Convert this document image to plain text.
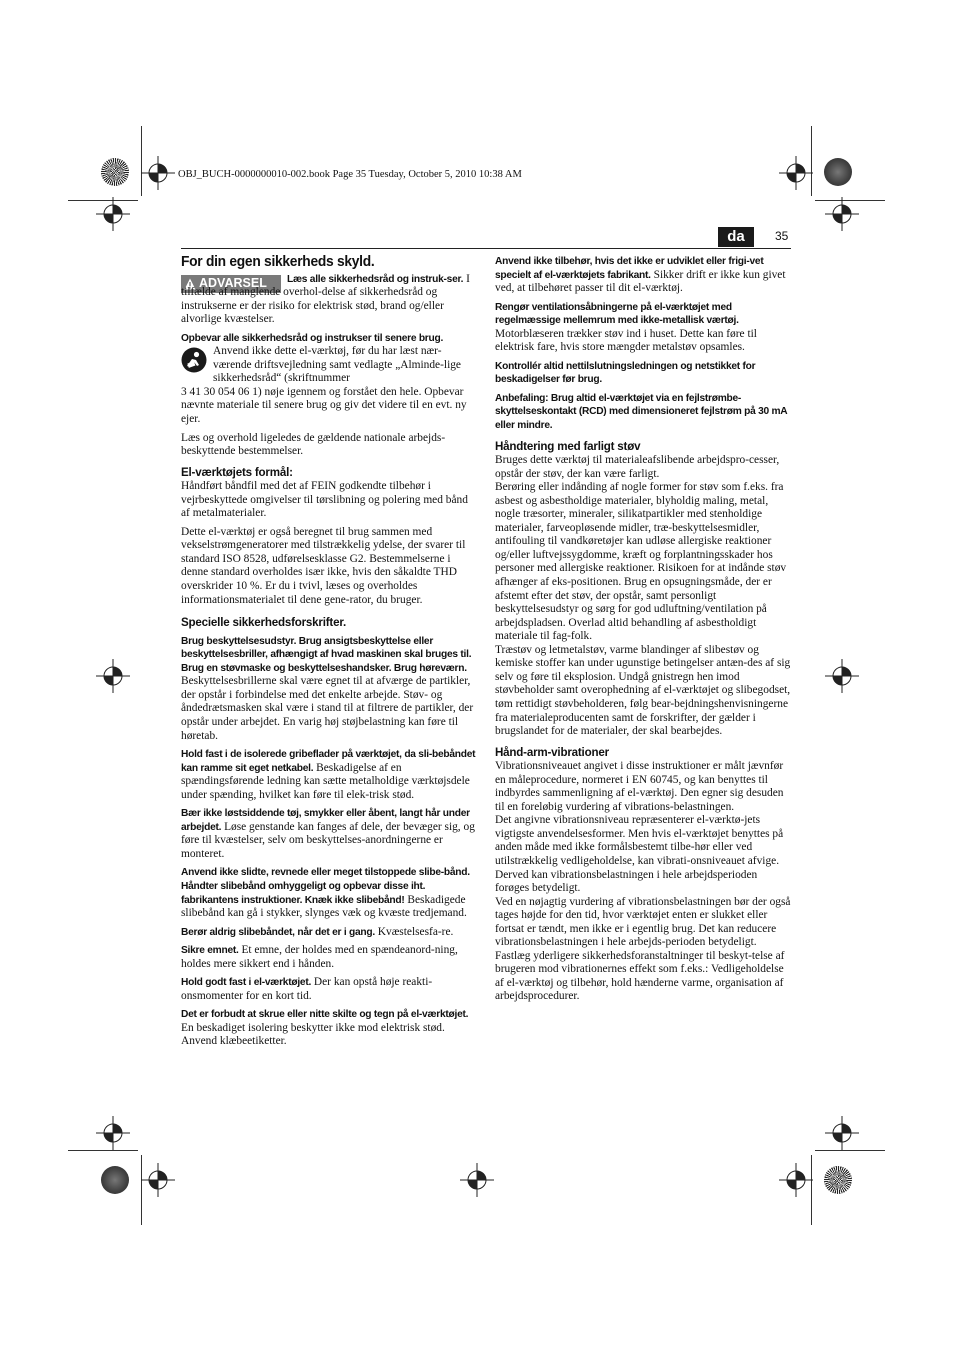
OBJ_BUCH-0000000010-002.book Page 35 Tuesday, October 5, 2010 10:38 AM
da	35
For din egen sikkerheds skyld.
ADVARSEL	Læs alle sikkerhedsråd og instruk-ser. I tilfælde af manglende overhol-delse af sikkerhedsråd og instrukserne er der risiko for elektrisk stød, brand og/eller alvorlige kvæstelser.

Opbevar alle sikkerhedsråd og instrukser til senere brug.

Anvend ikke dette el-værktøj, før du har læst nær-værende driftsvejledning samt vedlagte „Alminde-lige sikkerhedsråd“ (skriftnummer

3 41 30 054 06 1) nøje igennem og forstået den hele. Opbevar nævnte materiale til senere brug og giv det videre til en evt. ny ejer.

Læs og overhold ligeledes de gældende nationale arbejds-beskyttende bestemmelser.

El-værktøjets formål:

Håndført båndfil med det af FEIN godkendte tilbehør i vejrbeskyttede omgivelser til tørslibning og polering med bånd af metalmaterialer.

Dette el-værktøj er også beregnet til brug sammen med vekselstrømgeneratorer med tilstrækkelig ydelse, der svarer til standard ISO 8528, udførelsesklasse G2. Bestemmelserne i denne standard overholdes især ikke, hvis den såkaldte THD overskrider 10 %. Er du i tvivl, læses og overholdes informationsmaterialet til dene gene-rator, du bruger.

Specielle sikkerhedsforskrifter.

Brug beskyttelsesudstyr. Brug ansigtsbeskyttelse eller beskyttelsesbriller, afhængigt af hvad maskinen skal bruges til. Brug en støvmaske og beskyttelseshandsker. Brug høreværn. Beskyttelsesbrillerne skal være egnet til at afværge de partikler, der opstår i forbindelse med det enkelte arbejde. Støv- og åndedrætsmasken skal være i stand til at filtrere de partikler, der opstår under arbejdet. En varig høj støjbelastning kan føre til høretab.

Hold fast i de isolerede gribeflader på værktøjet, da sli-bebåndet kan ramme sit eget netkabel. Beskadigelse af en spændingsførende ledning kan sætte metalholdige værktøjsdele under spænding, hvilket kan føre til elek-trisk stød.

Bær ikke løstsiddende tøj, smykker eller åbent, langt hår under arbejdet. Løse genstande kan fanges af dele, der bevæger sig, og føre til kvæstelser, selv om beskyttelses-anordningerne er monteret.

Anvend ikke slidte, revnede eller meget tilstoppede slibe-bånd. Håndter slibebånd omhyggeligt og opbevar disse iht. fabrikantens instruktioner. Knæk ikke slibebånd! Beskadigede slibebånd kan gå i stykker, slynges væk og kvæste tredjemand.

Berør aldrig slibebåndet, når det er i gang. Kvæstelsesfa-re.

Sikre emnet. Et emne, der holdes med en spændeanord-ning, holdes mere sikkert end i hånden.

Hold godt fast i el-værktøjet. Der kan opstå høje reakti-onsmomenter for en kort tid.

Det er forbudt at skrue eller nitte skilte og tegn på el-værktøjet. En beskadiget isolering beskytter ikke mod elektrisk stød. Anvend klæbeetiketter.

Anvend ikke tilbehør, hvis det ikke er udviklet eller frigi-vet specielt af el-værktøjets fabrikant. Sikker drift er ikke kun givet ved, at tilbehøret passer til dit el-værktøj.

Rengør ventilationsåbningerne på el-værktøjet med regelmæssige mellemrum med ikke-metallisk værtøj. Motorblæseren trækker støv ind i huset. Dette kan føre til elektrisk fare, hvis store mængder metalstøv opsamles.

Kontrollér altid nettilslutningsledningen og netstikket for beskadigelser før brug.

Anbefaling: Brug altid el-værktøjet via en fejlstrømbe-skyttelseskontakt (RCD) med dimensioneret fejlstrøm på 30 mA eller mindre.

Håndtering med farligt støv

Bruges dette værktøj til materialeafslibende arbejdspro-cesser, opstår der støv, der kan være farligt.

Berøring eller indånding af nogle former for støv som f.eks. fra asbest og asbestholdige materialer, blyholdig maling, metal, nogle træsorter, mineraler, silikatpartikler med stenholdige materialer, farveopløsende midler, træ-beskyttelsesmidler, antifouling til vandkøretøjer kan udløse allergiske reaktioner og/eller luftvejssygdomme, kræft og forplantningsskader hos personer med allergiske reaktioner. Risikoen for at indånde støv afhænger af eks-positionen. Brug en opsugningsmåde, der er afstemt efter det støv, der opstår, samt personligt beskyttelsesudstyr og sørg for god udluftning/ventilation på arbejdspladsen. Overlad altid behandling af asbestholdigt materiale til fag-folk.

Træstøv og letmetalstøv, varme blandinger af slibestøv og kemiske stoffer kan under ugunstige betingelser antæn-des af sig selv og føre til eksplosion. Undgå gnistregn hen imod støvbeholder samt overophedning af el-værktøjet og slibegodset, tøm rettidigt støvbeholderen, følg bear-bejdningshenvisningerne fra materialeproducenten samt de forskrifter, der gælder i brugslandet for de materialer, der skal bearbejdes.

Hånd-arm-vibrationer

Vibrationsniveauet angivet i disse instruktioner er målt jævnfør en måleprocedure, normeret i EN 60745, og kan benyttes til indbyrdes sammenligning af el-værktøj. Den egner sig desuden til en foreløbig vurdering af vibrations-belastningen.

Det angivne vibrationsniveau repræsenterer el-værktø-jets vigtigste anvendelsesformer. Men hvis el-værktøjet benyttes på anden måde med ikke formålsbestemt tilbe-hør eller ved utilstrækkelig vedligeholdelse, kan vibrati-onsniveauet afvige. Derved kan vibrationsbelastningen i hele arbejdsperioden forøges betydeligt.

Ved en nøjagtig vurdering af vibrationsbelastningen bør der også tages højde for den tid, hvor værktøjet enten er slukket eller fortsat er tændt, men ikke er i egentlig brug. Det kan reducere vibrationsbelastningen i hele arbejds-perioden betydeligt.

Fastlæg yderligere sikkerhedsforanstaltninger til beskyt-telse af brugeren mod vibrationernes effekt som f.eks.: Vedligeholdelse af el-værktøj og tilbehør, hold hænderne varme, organisation af arbejdsprocedurer.
